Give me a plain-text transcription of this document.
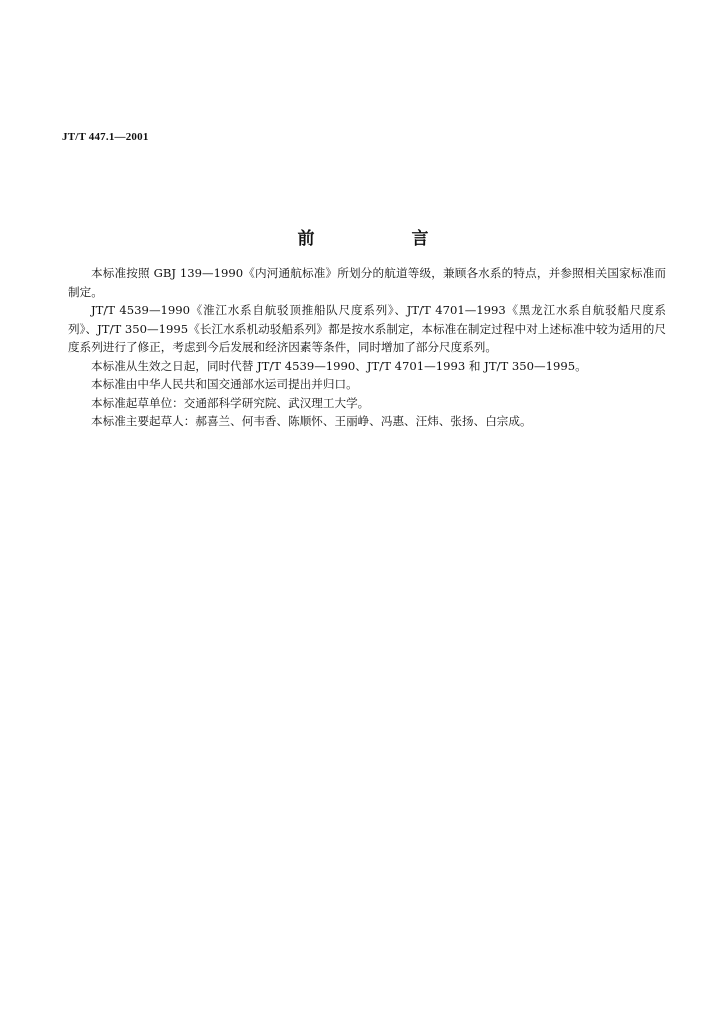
JT/T 447.1—2001
前　言

本标准按照 GBJ 139—1990《内河通航标准》所划分的航道等级，兼顾各水系的特点，并参照相关国家标准而制定。

JT/T 4539—1990《淮江水系自航驳顶推船队尺度系列》、JT/T 4701—1993《黑龙江水系自航驳船尺度系列》、JT/T 350—1995《长江水系机动驳船系列》都是按水系制定，本标准在制定过程中对上述标准中较为适用的尺度系列进行了修正，考虑到今后发展和经济因素等条件，同时增加了部分尺度系列。

本标准从生效之日起，同时代替 JT/T 4539—1990、JT/T 4701—1993 和 JT/T 350—1995。

本标准由中华人民共和国交通部水运司提出并归口。

本标准起草单位：交通部科学研究院、武汉理工大学。

本标准主要起草人：郝喜兰、何韦香、陈顺怀、王丽峥、冯惠、汪炜、张扬、白宗成。
